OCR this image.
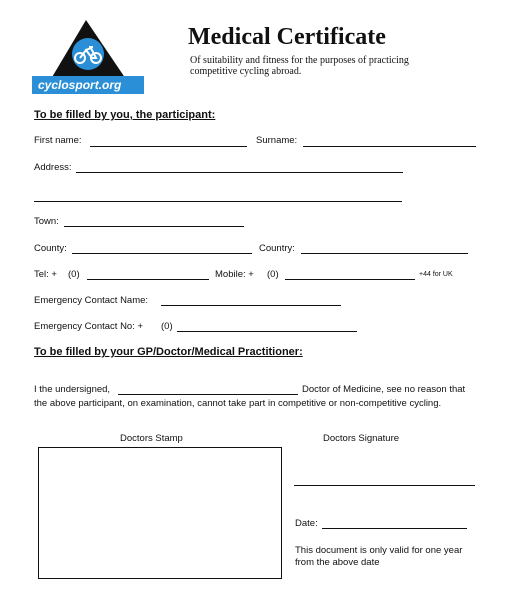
cyclosport.org
Medical Certificate
Of suitability and fitness for the purposes of practicing
competitive cycling abroad.
To be filled by you, the participant:
First name:	Surname:
Address:
Town:
County:	Country:
Tel: + (0)	Mobile: + (0)	+44 for UK
Emergency Contact Name:
Emergency Contact No: + (0)
To be filled by your GP/Doctor/Medical Practitioner:
I the undersigned,	Doctor of Medicine, see no reason that
the above participant, on examination, cannot take part in competitive or non-competitive cycling.
Doctors Stamp	Doctors Signature
Date:
This document is only valid for one year
from the above date
